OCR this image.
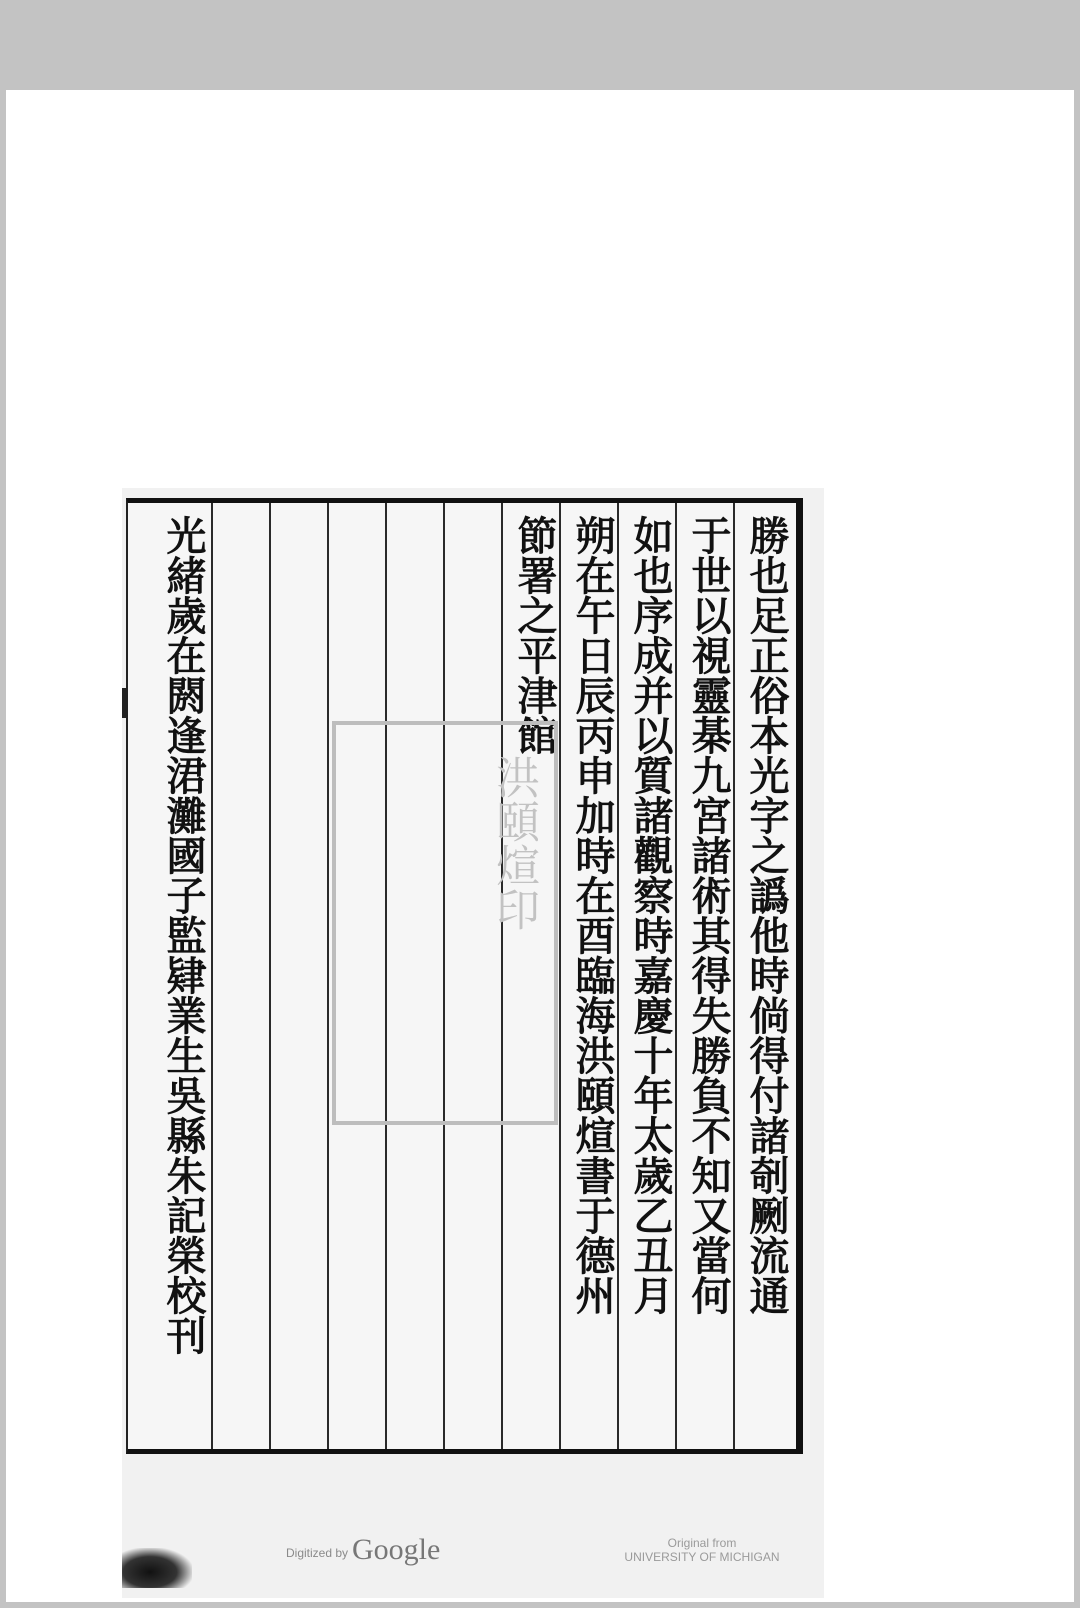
勝也足正俗本光字之譌他時倘得付諸剞劂流通
于世以視靈棊九宮諸術其得失勝負不知又當何
如也序成并以質諸觀察時嘉慶十年太歲乙丑月
朔在午日辰丙申加時在酉臨海洪頤煊書于德州
節署之平津館
光緒歲在閼逢涒灘國子監肄業生吳縣朱記榮校刊	洪頤煊印
Digitized by Google	Original from
UNIVERSITY OF MICHIGAN
